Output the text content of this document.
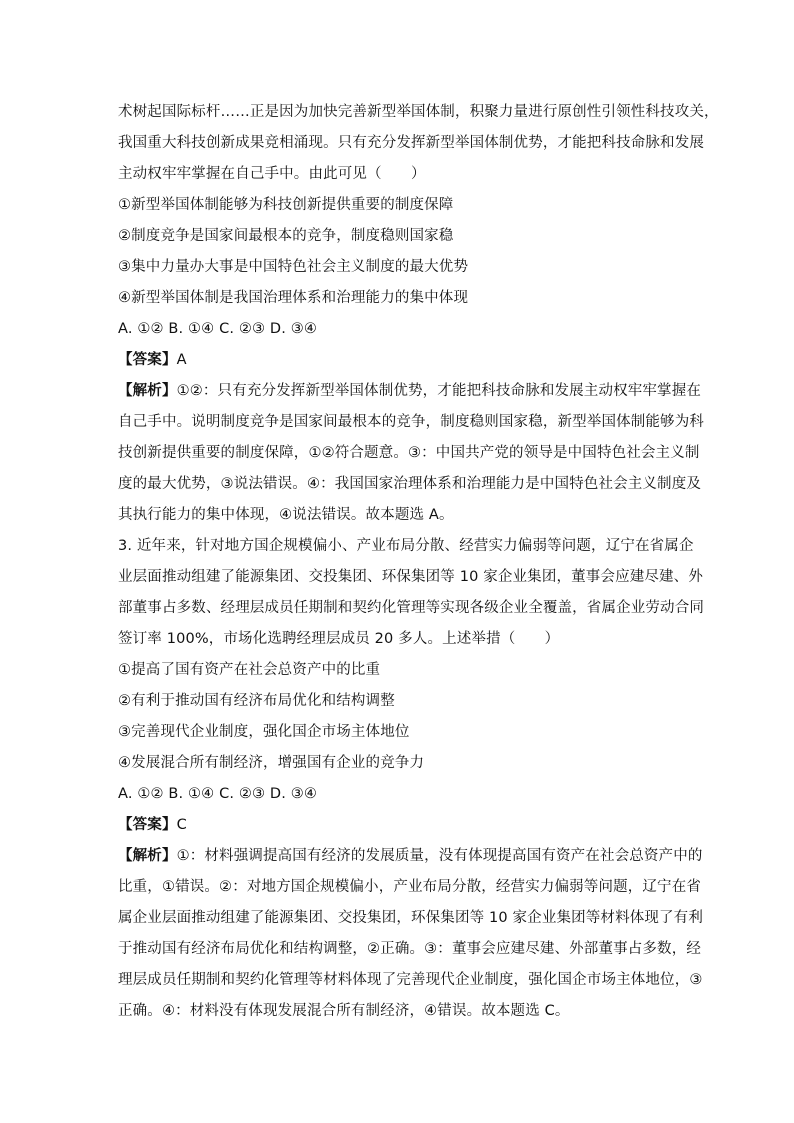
术树起国际标杆……正是因为加快完善新型举国体制，积聚力量进行原创性引领性科技攻关，
我国重大科技创新成果竞相涌现。只有充分发挥新型举国体制优势，才能把科技命脉和发展
主动权牢牢掌握在自己手中。由此可见（　　）
①新型举国体制能够为科技创新提供重要的制度保障
②制度竞争是国家间最根本的竞争，制度稳则国家稳
③集中力量办大事是中国特色社会主义制度的最大优势
④新型举国体制是我国治理体系和治理能力的集中体现
A. ①② B. ①④ C. ②③ D. ③④
【答案】A
【解析】①②：只有充分发挥新型举国体制优势，才能把科技命脉和发展主动权牢牢掌握在
自己手中。说明制度竞争是国家间最根本的竞争，制度稳则国家稳，新型举国体制能够为科
技创新提供重要的制度保障，①②符合题意。③：中国共产党的领导是中国特色社会主义制
度的最大优势，③说法错误。④：我国国家治理体系和治理能力是中国特色社会主义制度及
其执行能力的集中体现，④说法错误。故本题选 A。
3. 近年来，针对地方国企规模偏小、产业布局分散、经营实力偏弱等问题，辽宁在省属企
业层面推动组建了能源集团、交投集团、环保集团等 10 家企业集团，董事会应建尽建、外
部董事占多数、经理层成员任期制和契约化管理等实现各级企业全覆盖，省属企业劳动合同
签订率 100%，市场化选聘经理层成员 20 多人。上述举措（　　）
①提高了国有资产在社会总资产中的比重
②有利于推动国有经济布局优化和结构调整
③完善现代企业制度，强化国企市场主体地位
④发展混合所有制经济，增强国有企业的竞争力
A. ①② B. ①④ C. ②③ D. ③④
【答案】C
【解析】①：材料强调提高国有经济的发展质量，没有体现提高国有资产在社会总资产中的
比重，①错误。②：对地方国企规模偏小，产业布局分散，经营实力偏弱等问题，辽宁在省
属企业层面推动组建了能源集团、交投集团，环保集团等 10 家企业集团等材料体现了有利
于推动国有经济布局优化和结构调整，②正确。③：董事会应建尽建、外部董事占多数，经
理层成员任期制和契约化管理等材料体现了完善现代企业制度，强化国企市场主体地位，③
正确。④：材料没有体现发展混合所有制经济，④错误。故本题选 C。
